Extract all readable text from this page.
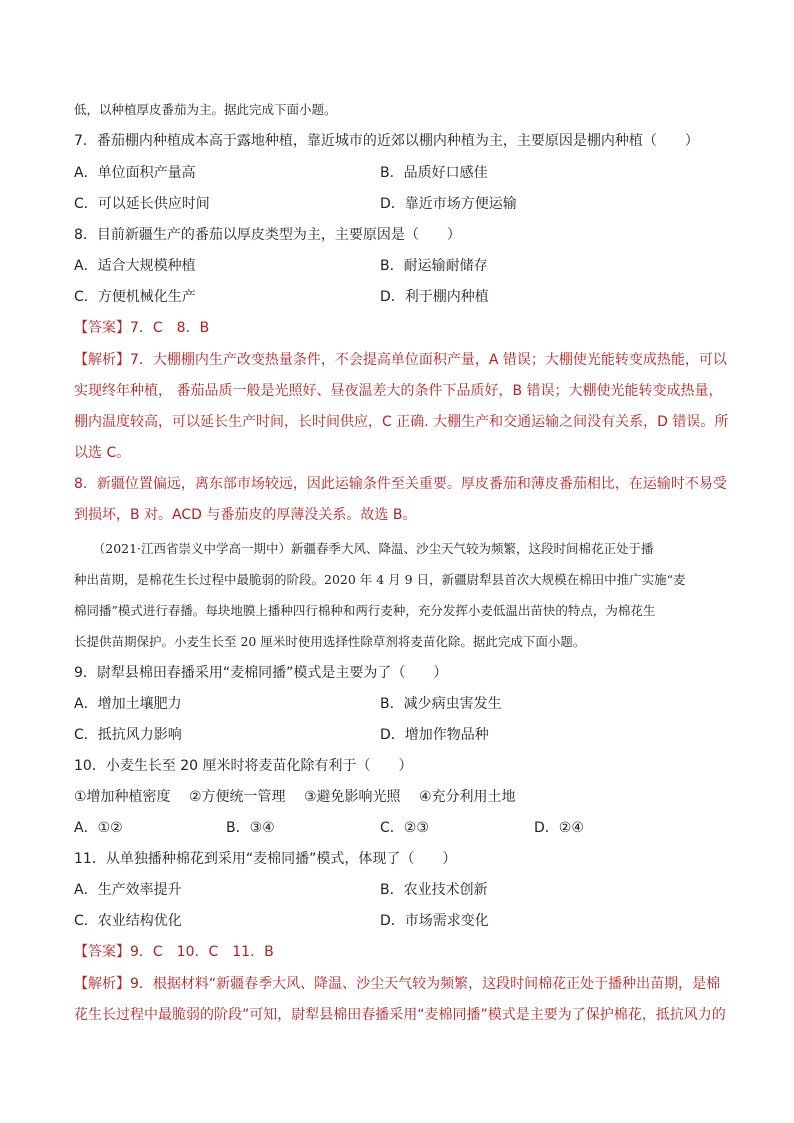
低，以种植厚皮番茄为主。据此完成下面小题。
7．番茄棚内种植成本高于露地种植，靠近城市的近郊以棚内种植为主，主要原因是棚内种植（　　）
A．单位面积产量高	B．品质好口感佳
C．可以延长供应时间	D．靠近市场方便运输
8．目前新疆生产的番茄以厚皮类型为主，主要原因是（　　）
A．适合大规模种植	B．耐运输耐储存
C．方便机械化生产	D．利于棚内种植
【答案】7．C　8．B
【解析】7．大棚棚内生产改变热量条件，不会提高单位面积产量，A 错误；大棚使光能转变成热能，可以
实现终年种植， 番茄品质一般是光照好、昼夜温差大的条件下品质好，B 错误；大棚使光能转变成热量，
棚内温度较高，可以延长生产时间，长时间供应，C 正确. 大棚生产和交通运输之间没有关系，D 错误。所
以选 C。
8．新疆位置偏远，离东部市场较远，因此运输条件至关重要。厚皮番茄和薄皮番茄相比，在运输时不易受
到损坏，B 对。ACD 与番茄皮的厚薄没关系。故选 B。
　　（2021·江西省崇义中学高一期中）新疆春季大风、降温、沙尘天气较为频繁，这段时间棉花正处于播
种出苗期，是棉花生长过程中最脆弱的阶段。2020 年 4 月 9 日，新疆尉犁县首次大规模在棉田中推广实施“麦
棉同播”模式进行春播。每块地膜上播种四行棉种和两行麦种，充分发挥小麦低温出苗快的特点，为棉花生
长提供苗期保护。小麦生长至 20 厘米时使用选择性除草剂将麦苗化除。据此完成下面小题。
9．尉犁县棉田春播采用“麦棉同播”模式是主要为了（　　）
A．增加土壤肥力	B．减少病虫害发生
C．抵抗风力影响	D．增加作物品种
10．小麦生长至 20 厘米时将麦苗化除有利于（　　）
①增加种植密度　 ②方便统一管理　 ③避免影响光照　 ④充分利用土地
A．①②	B．③④	C．②③	D．②④
11．从单独播种棉花到采用“麦棉同播”模式，体现了（　　）
A．生产效率提升	B．农业技术创新
C．农业结构优化	D．市场需求变化
【答案】9．C　10．C　11．B
【解析】9．根据材料“新疆春季大风、降温、沙尘天气较为频繁，这段时间棉花正处于播种出苗期，是棉
花生长过程中最脆弱的阶段”可知，尉犁县棉田春播采用“麦棉同播”模式是主要为了保护棉花，抵抗风力的
